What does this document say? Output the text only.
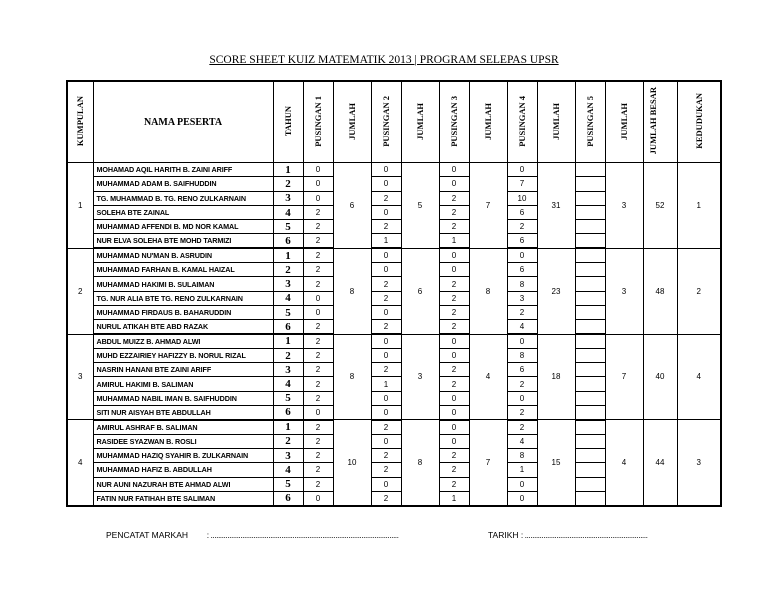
SCORE SHEET KUIZ MATEMATIK 2013 | PROGRAM SELEPAS UPSR
KUMPULAN	NAMA PESERTA	TAHUN	PUSINGAN 1	JUMLAH	PUSINGAN 2	JUMLAH	PUSINGAN 3	JUMLAH	PUSINGAN 4	JUMLAH	PUSINGAN 5	JUMLAH	JUMLAH BESAR	KEDUDUKAN
1	MOHAMAD AQIL HARITH B. ZAINI ARIFF	1	0	6	0	5	0	7	0	31		3	52	1
	MUHAMMAD ADAM B. SAIFHUDDIN	2	0		0		0		7					
	TG. MUHAMMAD B. TG. RENO ZULKARNAIN	3	0		2		2		10					
	SOLEHA BTE ZAINAL	4	2		0		2		6					
	MUHAMMAD AFFENDI B. MD NOR KAMAL	5	2		2		2		2					
	NUR ELVA SOLEHA BTE MOHD TARMIZI	6	2		1		1		6					
2	MUHAMMAD NU'MAN B. ASRUDIN	1	2	8	0	6	0	8	0	23		3	48	2
	MUHAMMAD FARHAN B. KAMAL HAIZAL	2	2		0		0		6					
	MUHAMMAD HAKIMI B. SULAIMAN	3	2		2		2		8					
	TG. NUR ALIA BTE TG. RENO ZULKARNAIN	4	0		2		2		3					
	MUHAMMAD FIRDAUS B. BAHARUDDIN	5	0		0		2		2					
	NURUL ATIKAH BTE ABD RAZAK	6	2		2		2		4					
3	ABDUL MUIZZ B. AHMAD ALWI	1	2	8	0	3	0	4	0	18		7	40	4
	MUHD EZZAIRIEY HAFIZZY B. NORUL RIZAL	2	2		0		0		8					
	NASRIN HANANI BTE ZAINI ARIFF	3	2		2		2		6					
	AMIRUL HAKIMI B. SALIMAN	4	2		1		2		2					
	MUHAMMAD NABIL IMAN B. SAIFHUDDIN	5	2		0		0		0					
	SITI NUR AISYAH BTE ABDULLAH	6	0		0		0		2					
4	AMIRUL ASHRAF B. SALIMAN	1	2	10	2	8	0	7	2	15		4	44	3
	RASIDEE SYAZWAN B. ROSLI	2	2		0		0		4					
	MUHAMMAD HAZIQ SYAHIR B. ZULKARNAIN	3	2		2		2		8					
	MUHAMMAD HAFIZ B. ABDULLAH	4	2		2		2		1					
	NUR AUNI NAZURAH BTE AHMAD ALWI	5	2		0		2		0					
	FATIN NUR FATIHAH BTE SALIMAN	6	0		2		1		0					
PENCATAT MARKAH : .....................................................................................................	TARIKH : ..................................................................
